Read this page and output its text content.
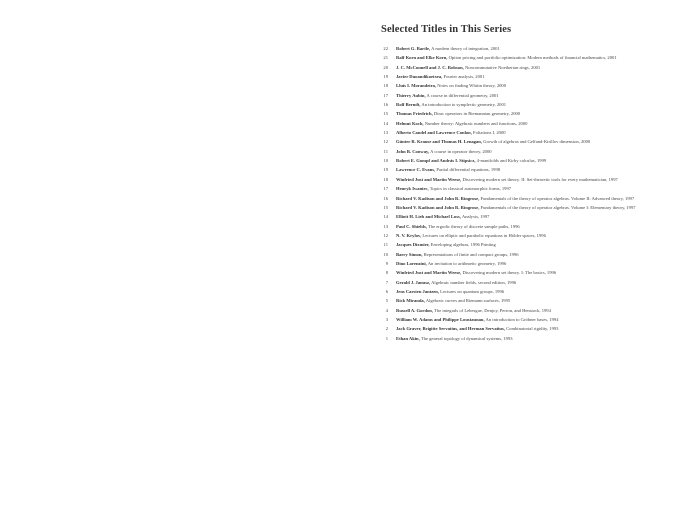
Selected Titles in This Series
22 Robert G. Bartle, A modern theory of integration, 2001
21 Ralf Korn and Elke Korn, Option pricing and portfolio optimization: Modern methods of financial mathematics, 2001
20 J. C. McConnell and J. C. Robson, Noncommutative Noetherian rings, 2001
19 Javier Duoandikoetxea, Fourier analysis, 2001
18 Lluís I. Morandeira, Notes on finding Whitin theory, 2000
17 Thierry Aubin, A course in differential geometry, 2001
16 Rolf Berndt, An introduction to symplectic geometry, 2001
15 Thomas Friedrich, Dirac operators in Riemannian geometry, 2000
14 Helmut Koch, Number theory: Algebraic numbers and functions, 2000
13 Alberto Candel and Lawrence Conlon, Foliations I, 2000
12 Günter R. Krause and Thomas H. Lenagan, Growth of algebras and Gelfand-Kirillov dimension, 2000
11 John B. Conway, A course in operator theory, 2000
10 Robert E. Gompf and András I. Stipsicz, 4-manifolds and Kirby calculus, 1999
19 Lawrence C. Evans, Partial differential equations, 1998
18 Winfried Just and Martin Weese, Discovering modern set theory. II: Set-theoretic tools for every mathematician, 1997
17 Henryk Iwaniec, Topics in classical automorphic forms, 1997
16 Richard V. Kadison and John R. Ringrose, Fundamentals of the theory of operator algebras. Volume II: Advanced theory, 1997
15 Richard V. Kadison and John R. Ringrose, Fundamentals of the theory of operator algebras. Volume I: Elementary theory, 1997
14 Elliott H. Lieb and Michael Loss, Analysis, 1997
13 Paul C. Shields, The ergodic theory of discrete sample paths, 1996
12 N. V. Krylov, Lectures on elliptic and parabolic equations in Hölder spaces, 1996
11 Jacques Dixmier, Enveloping algebras, 1996 Printing
10 Barry Simon, Representations of finite and compact groups, 1996
9 Dino Lorenzini, An invitation to arithmetic geometry, 1996
8 Winfried Just and Martin Weese, Discovering modern set theory. I: The basics, 1996
7 Gerald J. Janusz, Algebraic number fields, second edition, 1996
6 Jens Carsten Jantzen, Lectures on quantum groups, 1996
5 Rick Miranda, Algebraic curves and Riemann surfaces, 1995
4 Russell A. Gordon, The integrals of Lebesgue, Denjoy, Perron, and Henstock, 1994
3 William W. Adams and Philippe Loustaunau, An introduction to Gröbner bases, 1994
2 Jack Graver, Brigitte Servatius, and Herman Servatius, Combinatorial rigidity, 1993
1 Ethan Akin, The general topology of dynamical systems, 1993
